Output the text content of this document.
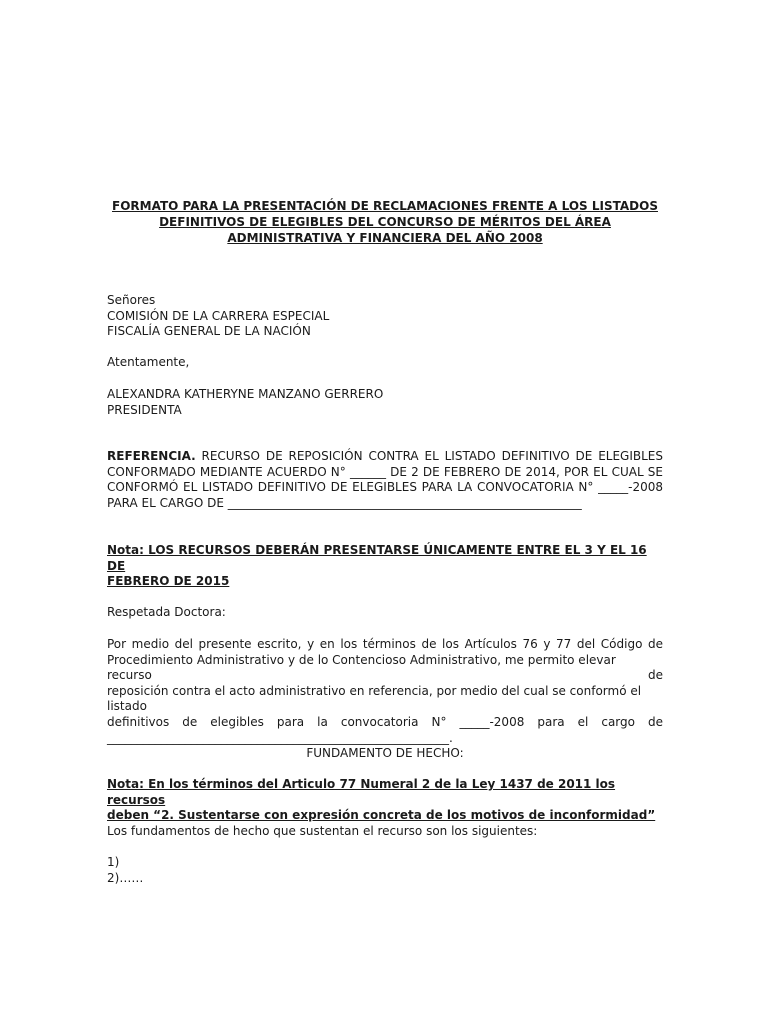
FORMATO PARA LA PRESENTACIÓN DE RECLAMACIONES FRENTE A LOS LISTADOS
DEFINITIVOS DE ELEGIBLES DEL CONCURSO DE MÉRITOS DEL ÁREA
ADMINISTRATIVA Y FINANCIERA DEL AÑO 2008
Señores
COMISIÓN DE LA CARRERA ESPECIAL
FISCALÍA GENERAL DE LA NACIÓN
Atentamente,
ALEXANDRA KATHERYNE MANZANO GERRERO
PRESIDENTA
REFERENCIA. RECURSO DE REPOSICIÓN CONTRA EL LISTADO DEFINITIVO DE ELEGIBLES
CONFORMADO MEDIANTE ACUERDO N° ______ DE 2 DE FEBRERO DE 2014, POR EL CUAL SE
CONFORMÓ EL LISTADO DEFINITIVO DE ELEGIBLES PARA LA CONVOCATORIA N° _____-2008
PARA EL CARGO DE ___________________________________________________________
Nota: LOS RECURSOS DEBERÁN PRESENTARSE ÚNICAMENTE ENTRE EL 3 Y EL 16 DE
FEBRERO DE 2015
Respetada Doctora:
Por medio del presente escrito, y en los términos de los Artículos 76 y 77 del Código de
Procedimiento Administrativo y de lo Contencioso Administrativo, me permito elevar recurso de
reposición contra el acto administrativo en referencia, por medio del cual se conformó el listado
definitivos de elegibles para la convocatoria N° _____-2008 para el cargo de
_________________________________________________________.
FUNDAMENTO DE HECHO:
Nota: En los términos del Articulo 77 Numeral 2 de la Ley 1437 de 2011 los recursos
deben “2. Sustentarse con expresión concreta de los motivos de inconformidad”
Los fundamentos de hecho que sustentan el recurso son los siguientes:
1)
2)……
